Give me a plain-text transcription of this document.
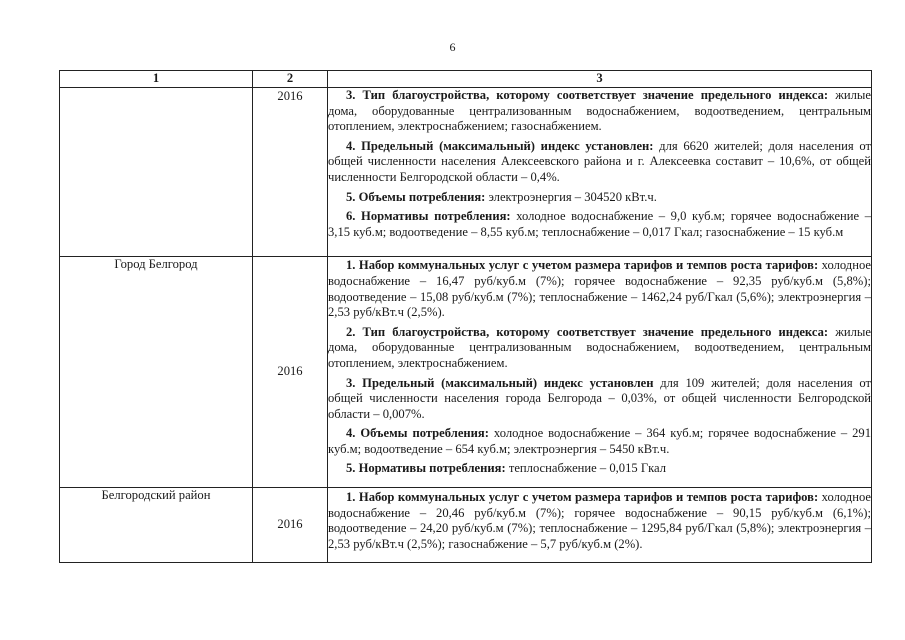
6
1	2	3
	2016	3. Тип благоустройства, которому соответствует значение предельного индекса: жилые дома, оборудованные централизованным водоснабжением, водоотведением, центральным отоплением, электроснабжением; газоснабжением.

4. Предельный (максимальный) индекс установлен: для 6620 жителей; доля населения от общей численности населения Алексеевского района и г. Алексеевка составит – 10,6%, от общей численности Белгородской области – 0,4%.

5. Объемы потребления: электроэнергия – 304520 кВт.ч.

6. Нормативы потребления: холодное водоснабжение – 9,0 куб.м; горячее водоснабжение – 3,15 куб.м; водоотведение – 8,55 куб.м; теплоснабжение – 0,017 Гкал; газоснабжение – 15 куб.м

Город Белгород	2016	1. Набор коммунальных услуг с учетом размера тарифов и темпов роста тарифов: холодное водоснабжение – 16,47 руб/куб.м (7%); горячее водоснабжение – 92,35 руб/куб.м (5,8%); водоотведение – 15,08 руб/куб.м (7%); теплоснабжение – 1462,24 руб/Гкал (5,6%); электроэнергия – 2,53 руб/кВт.ч (2,5%).

2. Тип благоустройства, которому соответствует значение предельного индекса: жилые дома, оборудованные централизованным водоснабжением, водоотведением, центральным отоплением, электроснабжением.

3. Предельный (максимальный) индекс установлен для 109 жителей; доля населения от общей численности населения города Белгорода – 0,03%, от общей численности Белгородской области – 0,007%.

4. Объемы потребления: холодное водоснабжение – 364 куб.м; горячее водоснабжение – 291 куб.м; водоотведение – 654 куб.м; электроэнергия – 5450 кВт.ч.

5. Нормативы потребления: теплоснабжение – 0,015 Гкал

Белгородский район	2016	1. Набор коммунальных услуг с учетом размера тарифов и темпов роста тарифов: холодное водоснабжение – 20,46 руб/куб.м (7%); горячее водоснабжение – 90,15 руб/куб.м (6,1%); водоотведение – 24,20 руб/куб.м (7%); теплоснабжение – 1295,84 руб/Гкал (5,8%); электроэнергия – 2,53 руб/кВт.ч (2,5%); газоснабжение – 5,7 руб/куб.м (2%).
